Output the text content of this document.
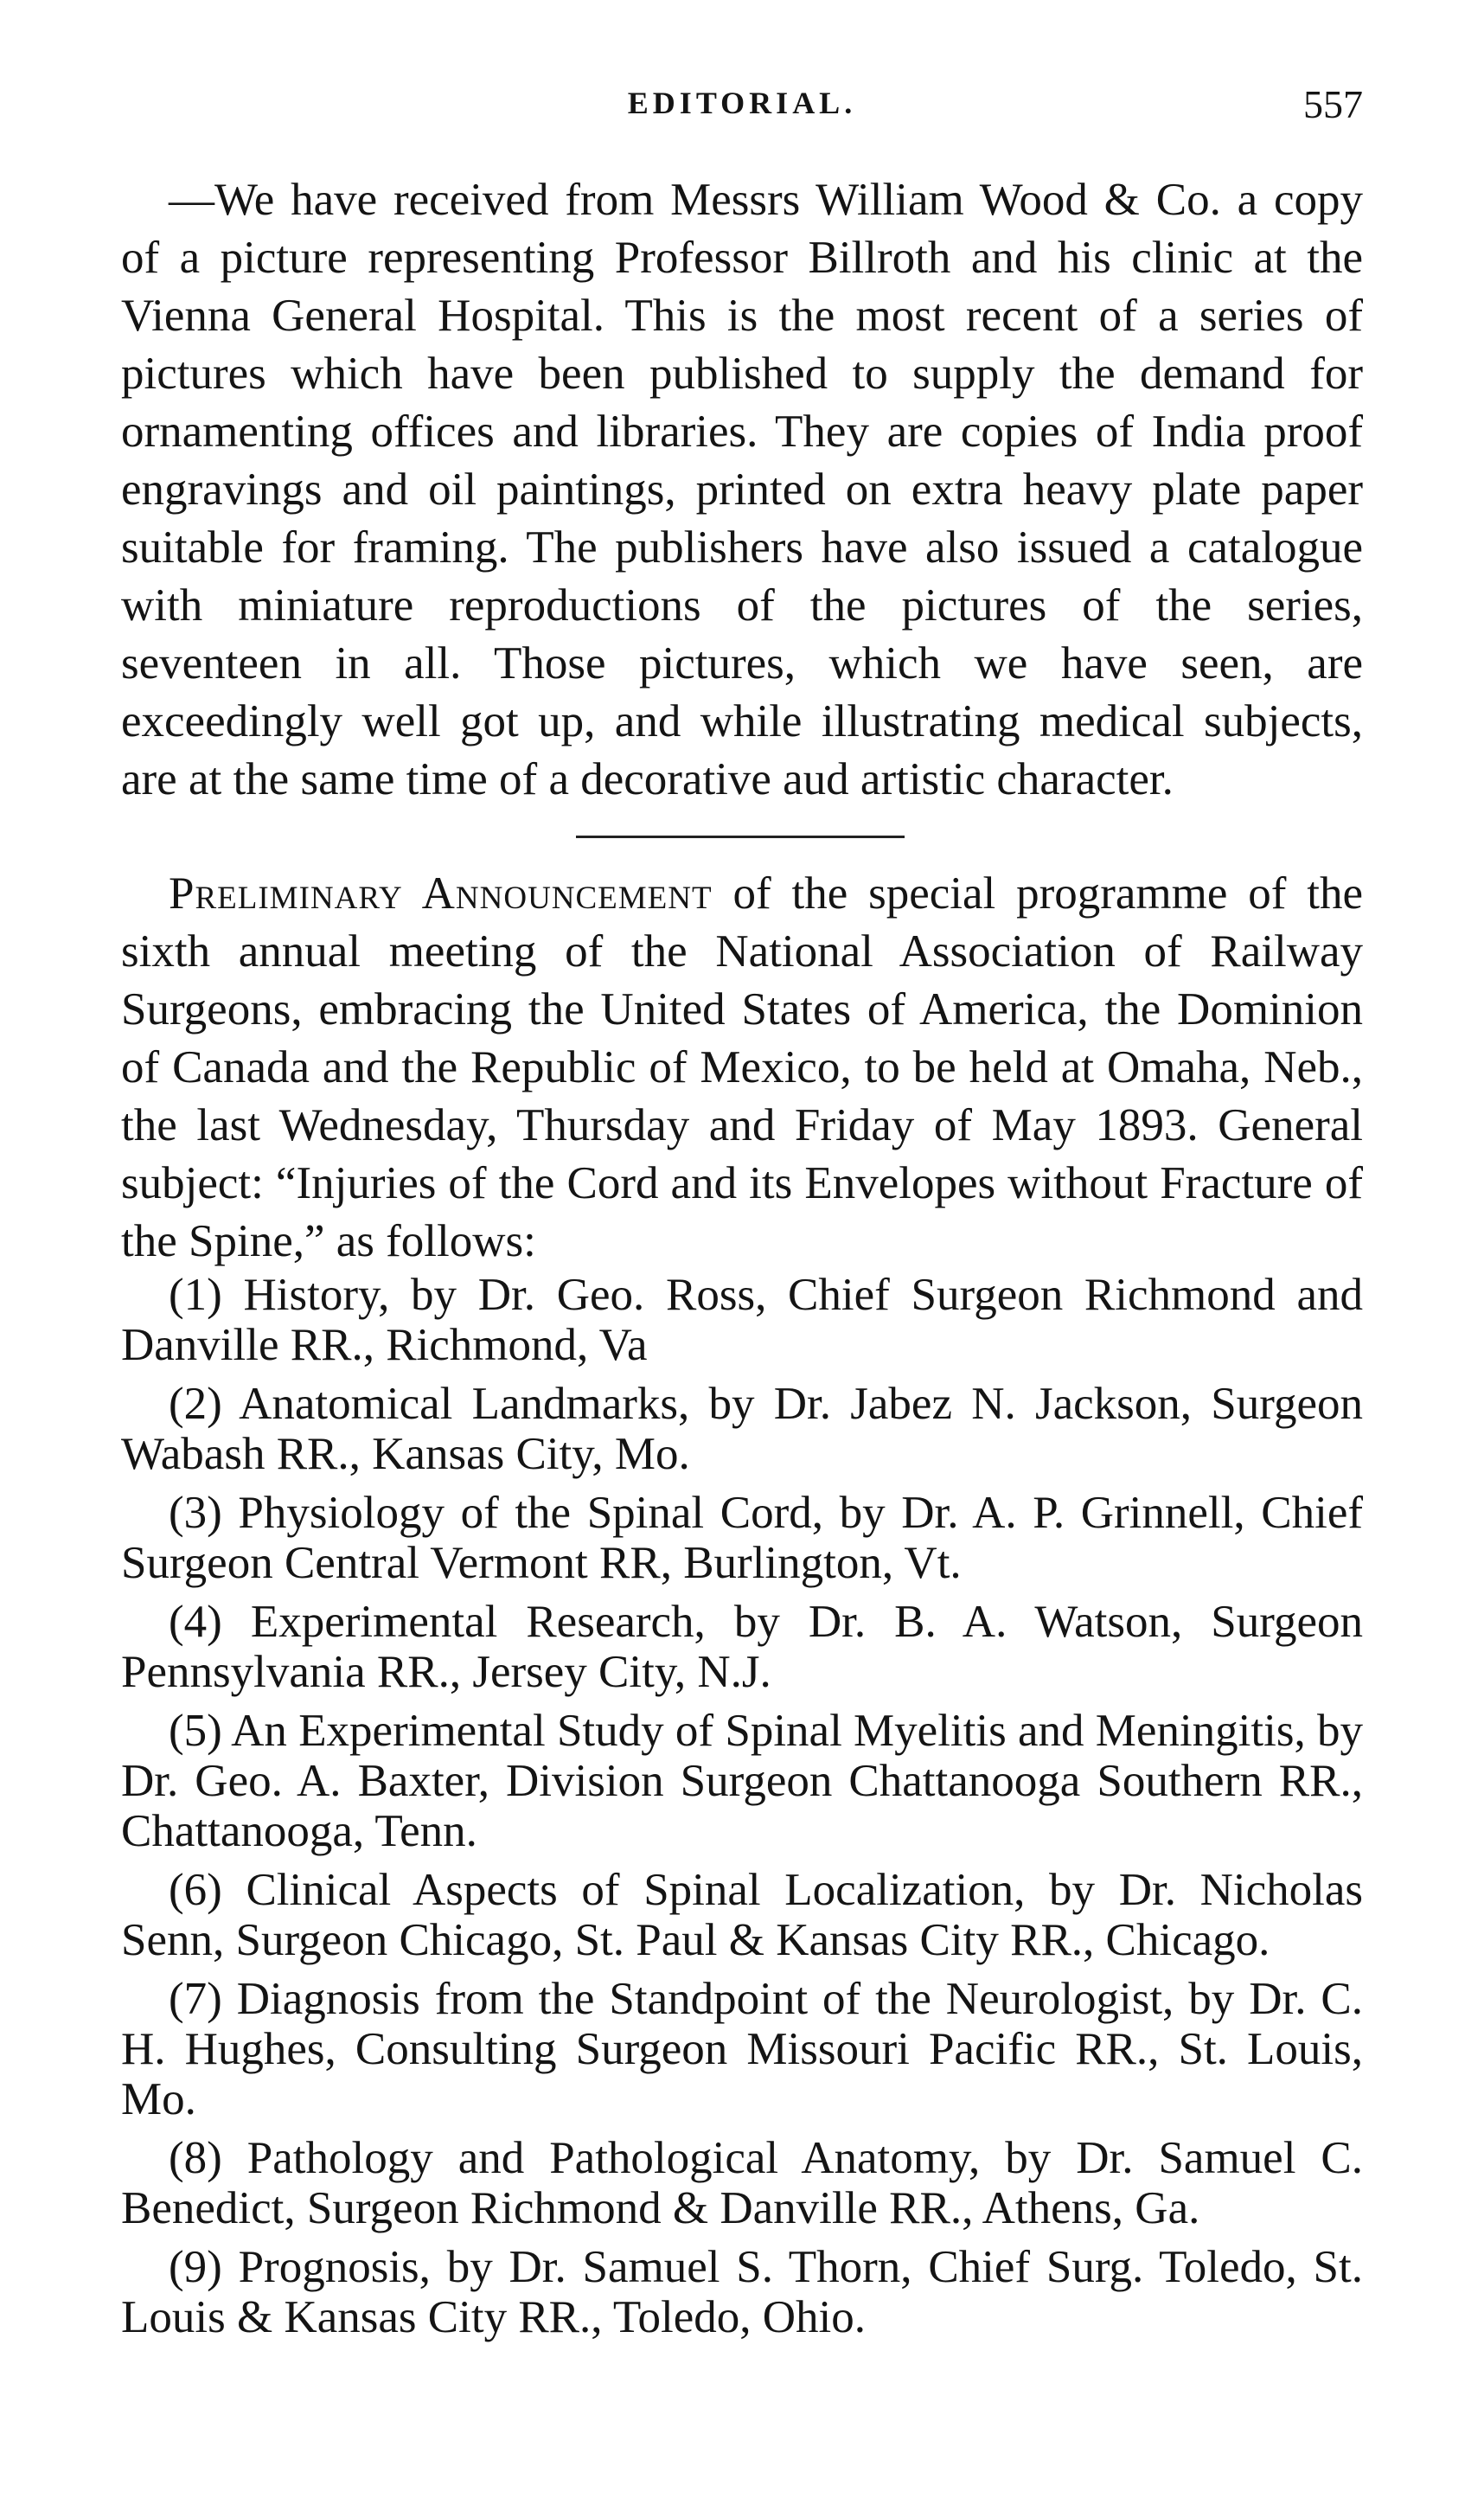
EDITORIAL.	557

—We have received from Messrs William Wood & Co. a copy of a picture representing Professor Billroth and his clinic at the Vienna General Hospital. This is the most recent of a series of pictures which have been published to supply the demand for ornamenting offices and libraries. They are copies of India proof engravings and oil paintings, printed on extra heavy plate paper suitable for framing. The publishers have also issued a catalogue with miniature reproductions of the pictures of the series, seventeen in all. Those pictures, which we have seen, are exceedingly well got up, and while illustrating medical subjects, are at the same time of a decorative aud artistic character.

Preliminary Announcement of the special programme of the sixth annual meeting of the National Association of Railway Surgeons, embracing the United States of America, the Dominion of Canada and the Republic of Mexico, to be held at Omaha, Neb., the last Wednesday, Thursday and Friday of May 1893. General subject: “Injuries of the Cord and its Envelopes without Fracture of the Spine,” as follows:

(1) History, by Dr. Geo. Ross, Chief Surgeon Richmond and Danville RR., Richmond, Va
(2) Anatomical Landmarks, by Dr. Jabez N. Jackson, Surgeon Wabash RR., Kansas City, Mo.
(3) Physiology of the Spinal Cord, by Dr. A. P. Grinnell, Chief Surgeon Central Vermont RR, Burlington, Vt.
(4) Experimental Research, by Dr. B. A. Watson, Surgeon Pennsylvania RR., Jersey City, N.J.
(5) An Experimental Study of Spinal Myelitis and Meningitis, by Dr. Geo. A. Baxter, Division Surgeon Chattanooga Southern RR., Chattanooga, Tenn.
(6) Clinical Aspects of Spinal Localization, by Dr. Nicholas Senn, Surgeon Chicago, St. Paul & Kansas City RR., Chicago.
(7) Diagnosis from the Standpoint of the Neurologist, by Dr. C. H. Hughes, Consulting Surgeon Missouri Pacific RR., St. Louis, Mo.
(8) Pathology and Pathological Anatomy, by Dr. Samuel C. Benedict, Surgeon Richmond & Danville RR., Athens, Ga.
(9) Prognosis, by Dr. Samuel S. Thorn, Chief Surg. Toledo, St. Louis & Kansas City RR., Toledo, Ohio.
